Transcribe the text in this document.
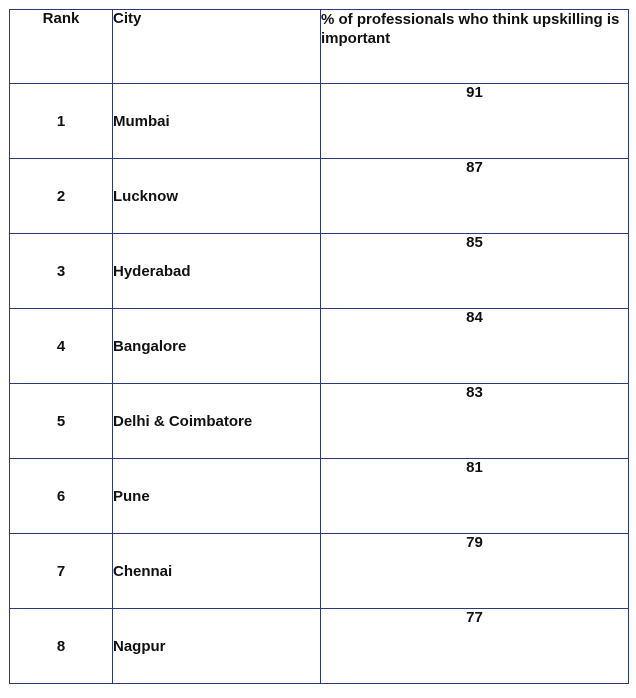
Rank	City	% of professionals who think upskilling is important
1	Mumbai	91
2	Lucknow	87
3	Hyderabad	85
4	Bangalore	84
5	Delhi & Coimbatore	83
6	Pune	81
7	Chennai	79
8	Nagpur	77
